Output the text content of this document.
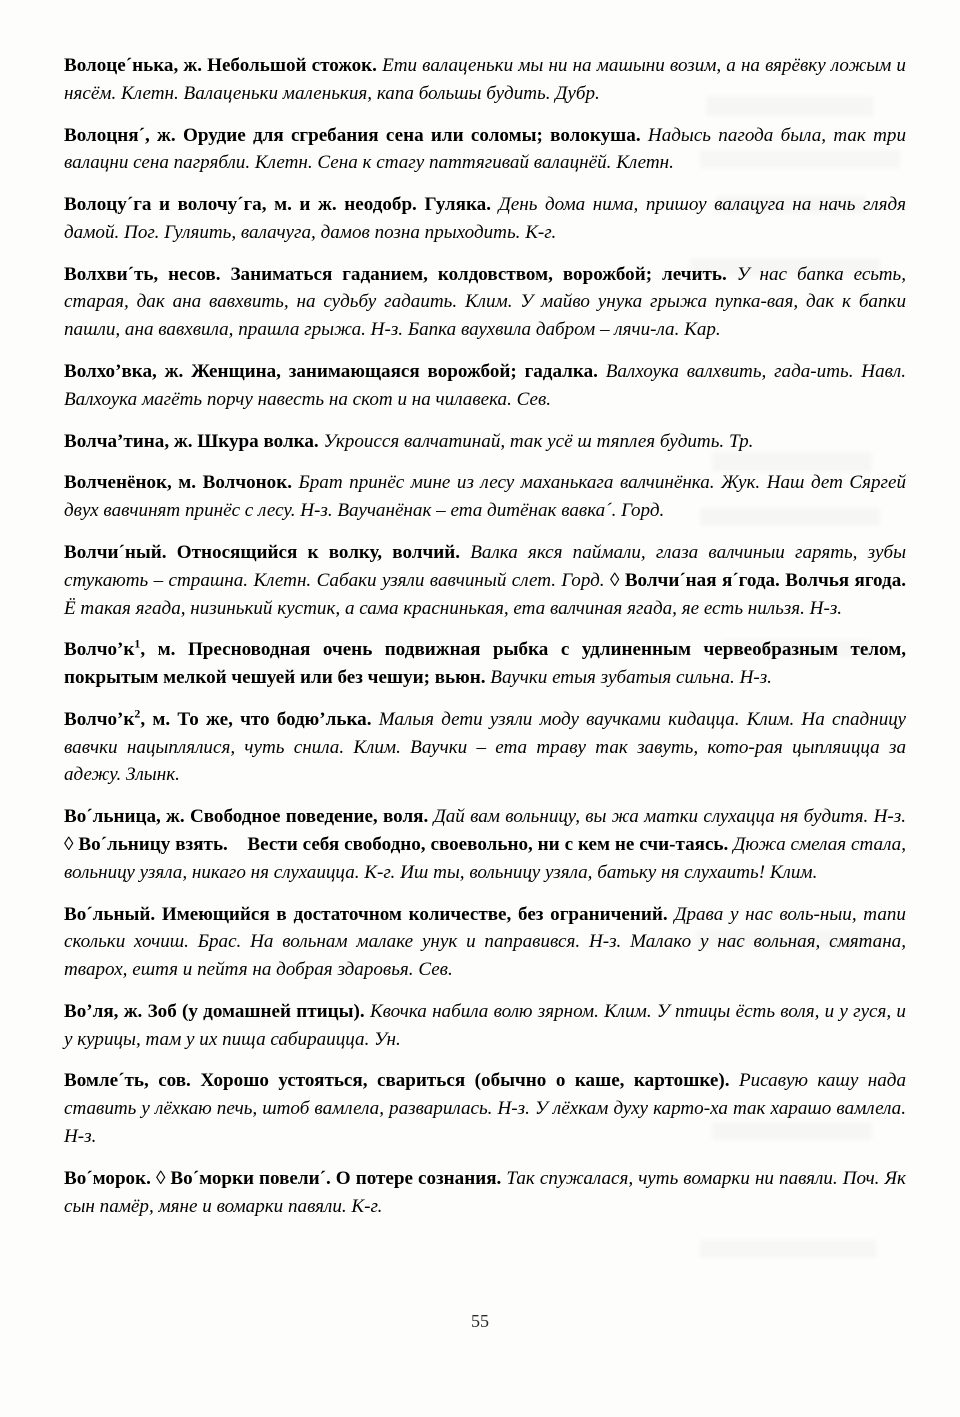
Волоце´нька, ж. Небольшой стожок. Ети валаценьки мы ни на машыни возим, а на вярёвку ложым и нясём. Клетн. Валаценьки маленькия, капа большы будить. Дубр.

Волоцня´, ж. Орудие для сгребания сена или соломы; волокуша. Надысь пагода была, так три валацни сена пагрябли. Клетн. Сена к стагу паттягивай валацнёй. Клетн.

Волоцу´га и волочу´га, м. и ж. неодобр. Гуляка. День дома нима, пришоу валацуга на начь глядя дамой. Пог. Гуляить, валачуга, дамов позна прыходить. К-г.

Волхви´ть, несов. Заниматься гаданием, колдовством, ворожбой; лечить. У нас бапка есьть, старая, дак ана вавхвить, на судьбу гадаить. Клим. У майво унука грыжа пупка-вая, дак к бапки пашли, ана вавхвила, прашла грыжа. Н-з. Бапка ваухвила дабром – лячи-ла. Кар.

Волхо’вка, ж. Женщина, занимающаяся ворожбой; гадалка. Валхоука валхвить, гада-ить. Навл. Валхоука магёть порчу навесть на скот и на чилавека. Сев.

Волча’тина, ж. Шкура волка. Укроисся валчатинай, так усё ш тяплея будить. Тр.

Волченёнок, м. Волчонок. Брат принёс мине из лесу маханькага валчинёнка. Жук. Наш дет Сяргей двух вавчинят принёс с лесу. Н-з. Ваучанёнак – ета дитёнак вавка´. Горд.

Волчи´ный. Относящийся к волку, волчий. Валка якся паймали, глаза валчиныи гарять, зубы стукають – страшна. Клетн. Сабаки узяли вавчиный слет. Горд. ◊ Волчи´ная я´года. Волчья ягода. Ё такая ягада, низинький кустик, а сама краснинькая, ета валчиная ягада, яе есть нильзя. Н-з.

$Волчо’к^1$, м. Пресноводная очень подвижная рыбка с удлиненным червеобразным телом, покрытым мелкой чешуей или без чешуи; вьюн. Ваучки етыя зубатыя сильна. Н-з.

$Волчо’к^2$, м. То же, что бодю’лька. Малыя дети узяли моду ваучками кидацца. Клим. На спадницу вавчки нацыплялися, чуть снила. Клим. Ваучки – ета траву так завуть, кото-рая цыпляицца за адежу. Злынк.

Во´льница, ж. Свободное поведение, воля. Дай вам вольницу, вы жа матки слухацца ня будитя. Н-з. ◊ Во´льницу взять. Вести себя свободно, своевольно, ни с кем не счи-таясь. Дюжа смелая стала, вольницу узяла, никаго ня слухаицца. К-г. Иш ты, вольницу узяла, батьку ня слухаить! Клим.

Во´льный. Имеющийся в достаточном количестве, без ограничений. Драва у нас воль-ныи, тапи скольки хочиш. Брас. На вольнам малаке унук и паправився. Н-з. Малако у нас вольная, смятана, тварох, ештя и пейтя на добрая здаровья. Сев.

Во’ля, ж. Зоб (у домашней птицы). Квочка набила волю зярном. Клим. У птицы ёсть воля, и у гуся, и у курицы, там у их пища сабираицца. Ун.

Вомле´ть, сов. Хорошо устояться, свариться (обычно о каше, картошке). Рисавую кашу нада ставить у лёхкаю печь, штоб вамлела, разварилась. Н-з. У лёхкам духу карто-ха так харашо вамлела. Н-з.

Во´морок. ◊ Во´морки повели´. О потере сознания. Так спужалася, чуть вомарки ни павяли. Поч. Як сын памёр, мяне и вомарки павяли. К-г.

55
